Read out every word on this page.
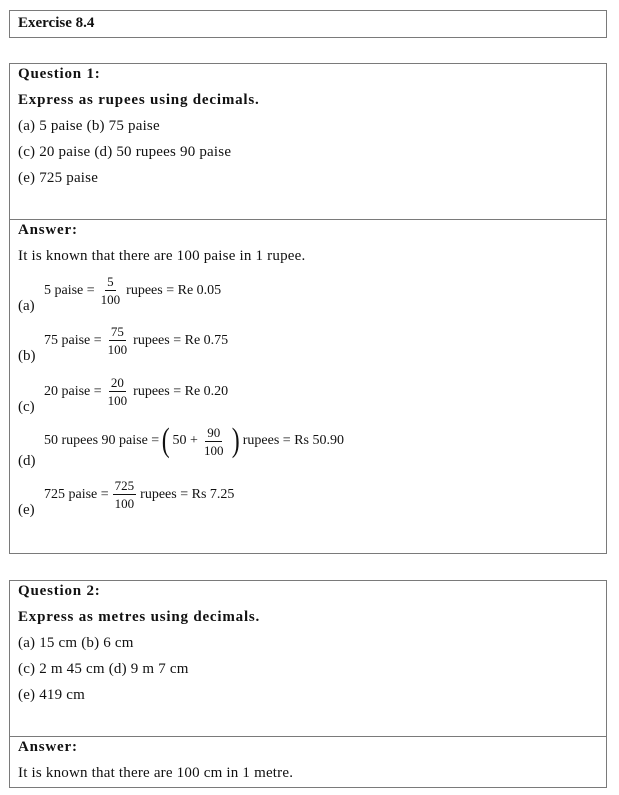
Exercise 8.4
Question 1:
Express as rupees using decimals.
(a) 5 paise (b) 75 paise
(c) 20 paise (d) 50 rupees 90 paise
(e) 725 paise
Answer:
It is known that there are 100 paise in 1 rupee.
(a)
5 paise = $\frac{5}{100}$ rupees = Re 0.05
(b)
75 paise = $\frac{75}{100}$ rupees = Re 0.75
(c)
20 paise = $\frac{20}{100}$ rupees = Re 0.20
(d)
50 rupees 90 paise = ( $50 + \frac{90}{100}$ ) rupees = Rs 50.90
(e)
725 paise = $\frac{725}{100}$ rupees = Rs 7.25
Question 2:
Express as metres using decimals.
(a) 15 cm (b) 6 cm
(c) 2 m 45 cm (d) 9 m 7 cm
(e) 419 cm
Answer:
It is known that there are 100 cm in 1 metre.
